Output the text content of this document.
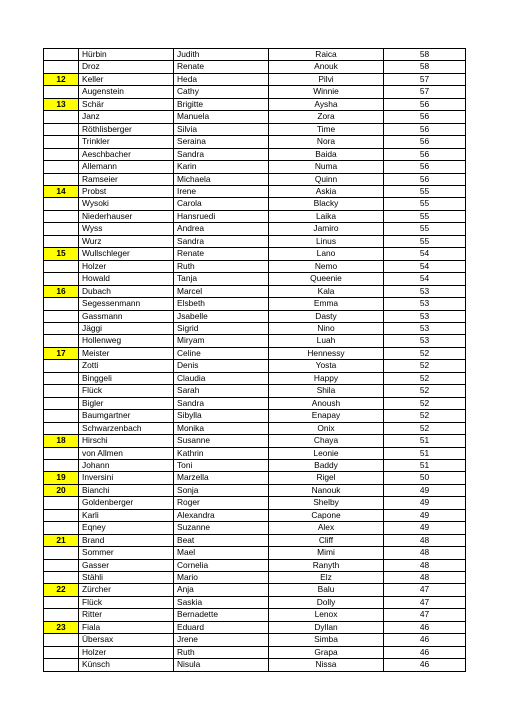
	Hürbin	Judith	Raica	58
	Droz	Renate	Anouk	58
12	Keller	Heda	Pilvi	57
	Augenstein	Cathy	Winnie	57
13	Schär	Brigitte	Aysha	56
	Janz	Manuela	Zora	56
	Röthlisberger	Silvia	Time	56
	Trinkler	Seraina	Nora	56
	Aeschbacher	Sandra	Baida	56
	Allemann	Karin	Numa	56
	Ramseier	Michaela	Quinn	56
14	Probst	Irene	Askia	55
	Wysoki	Carola	Blacky	55
	Niederhauser	Hansruedi	Laika	55
	Wyss	Andrea	Jamiro	55
	Wurz	Sandra	Linus	55
15	Wullschleger	Renate	Lano	54
	Holzer	Ruth	Nemo	54
	Howald	Tanja	Queenie	54
16	Dubach	Marcel	Kala	53
	Segessenmann	Elsbeth	Emma	53
	Gassmann	Jsabelle	Dasty	53
	Jäggi	Sigrid	Nino	53
	Hollenweg	Miryam	Luah	53
17	Meister	Celine	Hennessy	52
	Zotti	Denis	Yosta	52
	Binggeli	Claudia	Happy	52
	Flück	Sarah	Shila	52
	Bigler	Sandra	Anoush	52
	Baumgartner	Sibylla	Enapay	52
	Schwarzenbach	Monika	Onix	52
18	Hirschi	Susanne	Chaya	51
	von Allmen	Kathrin	Leonie	51
	Johann	Toni	Baddy	51
19	Inversini	Marzella	Rigel	50
20	Bianchi	Sonja	Nanouk	49
	Goldenberger	Roger	Shelby	49
	Karli	Alexandra	Capone	49
	Eqney	Suzanne	Alex	49
21	Brand	Beat	Cliff	48
	Sommer	Mael	Mimi	48
	Gasser	Cornelia	Ranyth	48
	Stähli	Mario	Elz	48
22	Zürcher	Anja	Balu	47
	Flück	Saskia	Dolly	47
	Ritter	Bernadette	Lenox	47
23	Fiala	Eduard	Dyllan	46
	Übersax	Jrene	Simba	46
	Holzer	Ruth	Grapa	46
	Künsch	Nisula	Nissa	46
